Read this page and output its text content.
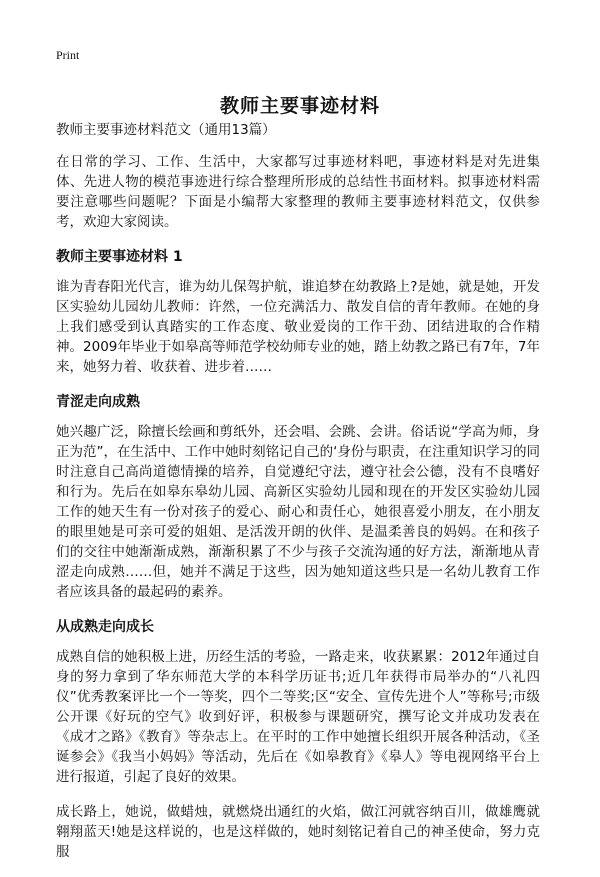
Print
教师主要事迹材料

教师主要事迹材料范文（通用13篇）

在日常的学习、工作、生活中，大家都写过事迹材料吧，事迹材料是对先进集体、先进人物的模范事迹进行综合整理所形成的总结性书面材料。拟事迹材料需要注意哪些问题呢？下面是小编帮大家整理的教师主要事迹材料范文，仅供参考，欢迎大家阅读。

教师主要事迹材料 1

谁为青春阳光代言，谁为幼儿保驾护航，谁追梦在幼教路上?是她，就是她，开发区实验幼儿园幼儿教师：许然，一位充满活力、散发自信的青年教师。在她的身上我们感受到认真踏实的工作态度、敬业爱岗的工作干劲、团结进取的合作精神。2009年毕业于如皋高等师范学校幼师专业的她，踏上幼教之路已有7年，7年来，她努力着、收获着、进步着……

青涩走向成熟

她兴趣广泛，除擅长绘画和剪纸外，还会唱、会跳、会讲。俗话说“学高为师，身正为范”，在生活中、工作中她时刻铭记自己的‘身份与职责，在注重知识学习的同时注意自己高尚道德情操的培养，自觉遵纪守法，遵守社会公德，没有不良嗜好和行为。先后在如皋东皋幼儿园、高新区实验幼儿园和现在的开发区实验幼儿园工作的她天生有一份对孩子的爱心、耐心和责任心，她很喜爱小朋友，在小朋友的眼里她是可亲可爱的姐姐、是活泼开朗的伙伴、是温柔善良的妈妈。在和孩子们的交往中她渐渐成熟，渐渐积累了不少与孩子交流沟通的好方法，渐渐地从青涩走向成熟……但，她并不满足于这些，因为她知道这些只是一名幼儿教育工作者应该具备的最起码的素养。

从成熟走向成长

成熟自信的她积极上进，历经生活的考验，一路走来，收获累累：2012年通过自身的努力拿到了华东师范大学的本科学历证书;近几年获得市局举办的“八礼四仪”优秀教案评比一个一等奖，四个二等奖;区“安全、宣传先进个人”等称号;市级公开课《好玩的空气》收到好评，积极参与课题研究，撰写论文并成功发表在《成才之路》《教育》等杂志上。在平时的工作中她擅长组织开展各种活动，《圣诞参会》《我当小妈妈》等活动，先后在《如皋教育》《皋人》等电视网络平台上进行报道，引起了良好的效果。

成长路上，她说，做蜡烛，就燃烧出通红的火焰，做江河就容纳百川，做雄鹰就翱翔蓝天!她是这样说的，也是这样做的，她时刻铭记着自己的神圣使命，努力克服
